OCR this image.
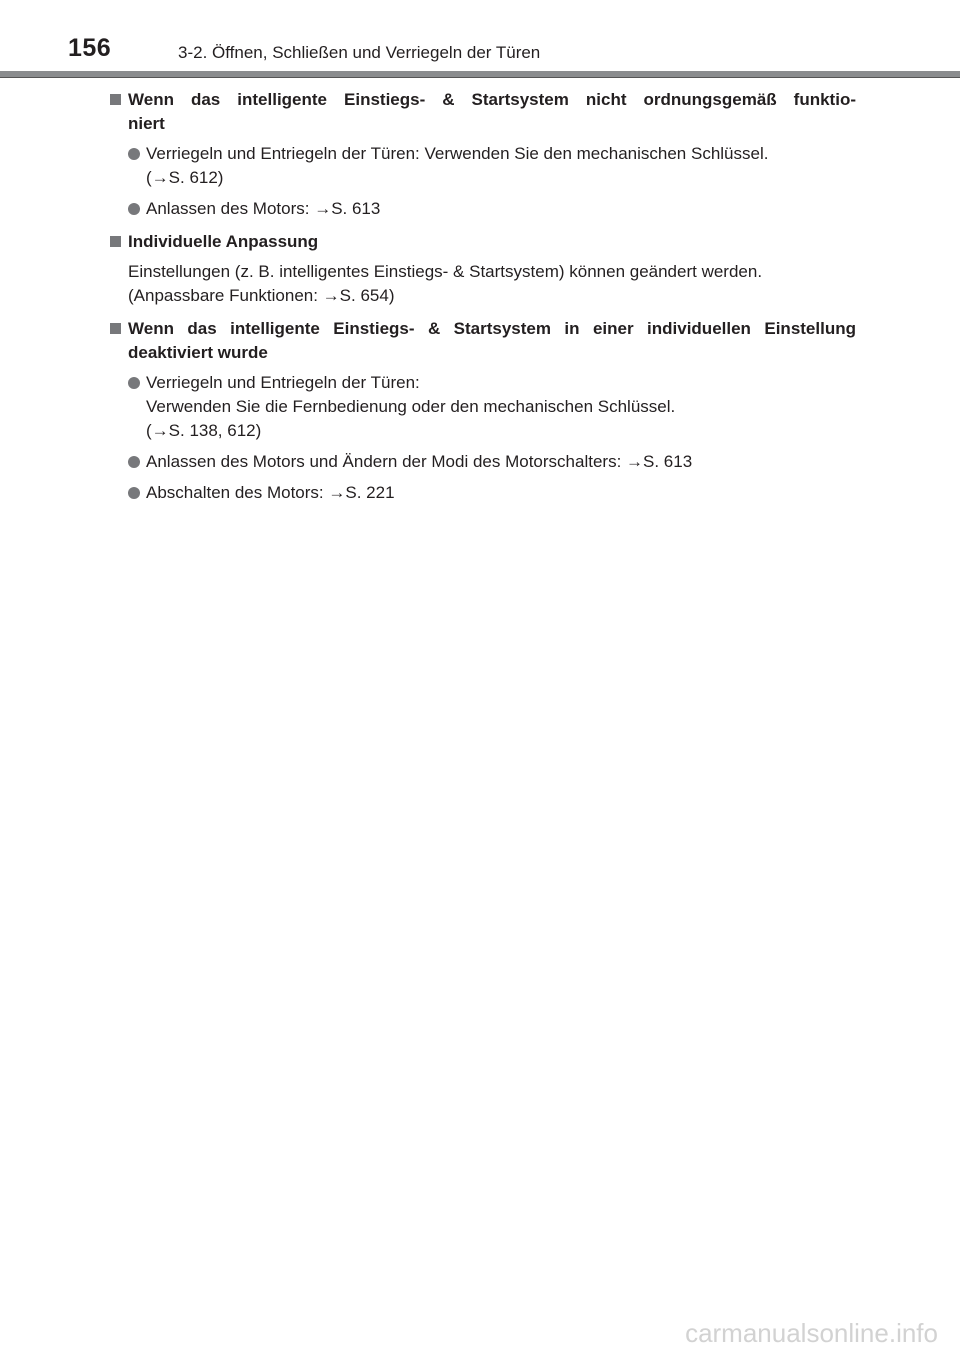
156	3-2. Öffnen, Schließen und Verriegeln der Türen
Wenn das intelligente Einstiegs- & Startsystem nicht ordnungsgemäß funktio-
niert
Verriegeln und Entriegeln der Türen: Verwenden Sie den mechanischen Schlüssel.
(→S. 612)
Anlassen des Motors: →S. 613
Individuelle Anpassung
Einstellungen (z. B. intelligentes Einstiegs- & Startsystem) können geändert werden.
(Anpassbare Funktionen: →S. 654)
Wenn das intelligente Einstiegs- & Startsystem in einer individuellen Einstellung
deaktiviert wurde
Verriegeln und Entriegeln der Türen:
Verwenden Sie die Fernbedienung oder den mechanischen Schlüssel.
(→S. 138, 612)
Anlassen des Motors und Ändern der Modi des Motorschalters: →S. 613
Abschalten des Motors: →S. 221
carmanualsonline.info
